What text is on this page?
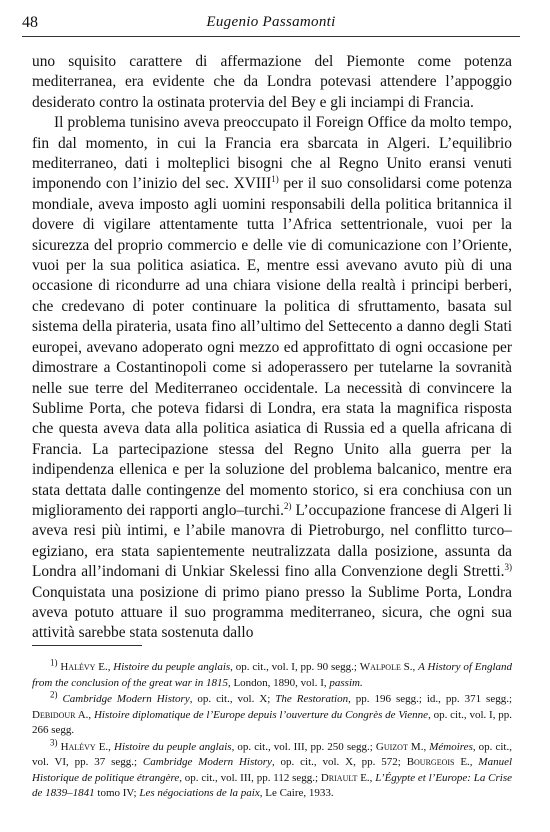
48	Eugenio Passamonti

uno squisito carattere di affermazione del Piemonte come potenza mediterranea, era evidente che da Londra potevasi attendere l’appoggio desiderato contro la ostinata protervia del Bey e gli inciampi di Francia.

Il problema tunisino aveva preoccupato il Foreign Office da molto tempo, fin dal momento, in cui la Francia era sbarcata in Algeri. L’equilibrio mediterraneo, dati i molteplici bisogni che al Regno Unito eransi venuti imponendo con l’inizio del sec. XVIII$^{1)}$ per il suo consolidarsi come potenza mondiale, aveva imposto agli uomini responsabili della politica britannica il dovere di vigilare attentamente tutta l’Africa settentrionale, vuoi per la sicurezza del proprio commercio e delle vie di comunicazione con l’Oriente, vuoi per la sua politica asiatica. E, mentre essi avevano avuto più di una occasione di ricondurre ad una chiara visione della realtà i principi berberi, che credevano di poter continuare la politica di sfruttamento, basata sul sistema della pirateria, usata fino all’ultimo del Settecento a danno degli Stati europei, avevano adoperato ogni mezzo ed approfittato di ogni occasione per dimostrare a Costantinopoli come si adoperassero per tutelarne la sovranità nelle sue terre del Mediterraneo occidentale. La necessità di convincere la Sublime Porta, che poteva fidarsi di Londra, era stata la magnifica risposta che questa aveva data alla politica asiatica di Russia ed a quella africana di Francia. La partecipazione stessa del Regno Unito alla guerra per la indipendenza ellenica e per la soluzione del problema balcanico, mentre era stata dettata dalle contingenze del momento storico, si era conchiusa con un miglioramento dei rapporti anglo–turchi.$^{2)}$ L’occupazione francese di Algeri li aveva resi più intimi, e l’abile manovra di Pietroburgo, nel conflitto turco–egiziano, era stata sapientemente neutralizzata dalla posizione, assunta da Londra all’indomani di Unkiar Skelessi fino alla Convenzione degli Stretti.$^{3)}$ Conquistata una posizione di primo piano presso la Sublime Porta, Londra aveva potuto attuare il suo programma mediterraneo, sicura, che ogni sua attività sarebbe stata sostenuta dallo

$^{1)}$ Halévy E., Histoire du peuple anglais, op. cit., vol. I, pp. 90 segg.; Walpole S., A History of England from the conclusion of the great war in 1815, London, 1890, vol. I, passim.

$^{2)}$ Cambridge Modern History, op. cit., vol. X; The Restoration, pp. 196 segg.; id., pp. 371 segg.; Debidour A., Histoire diplomatique de l’Europe depuis l’ouverture du Congrès de Vienne, op. cit., vol. I, pp. 266 segg.

$^{3)}$ Halévy E., Histoire du peuple anglais, op. cit., vol. III, pp. 250 segg.; Guizot M., Mémoires, op. cit., vol. VI, pp. 37 segg.; Cambridge Modern History, op. cit., vol. X, pp. 572; Bourgeois E., Manuel Historique de politique étrangère, op. cit., vol. III, pp. 112 segg.; Driault E., L’Égypte et l’Europe: La Crise de 1839–1841 tomo IV; Les négociations de la paix, Le Caire, 1933.
